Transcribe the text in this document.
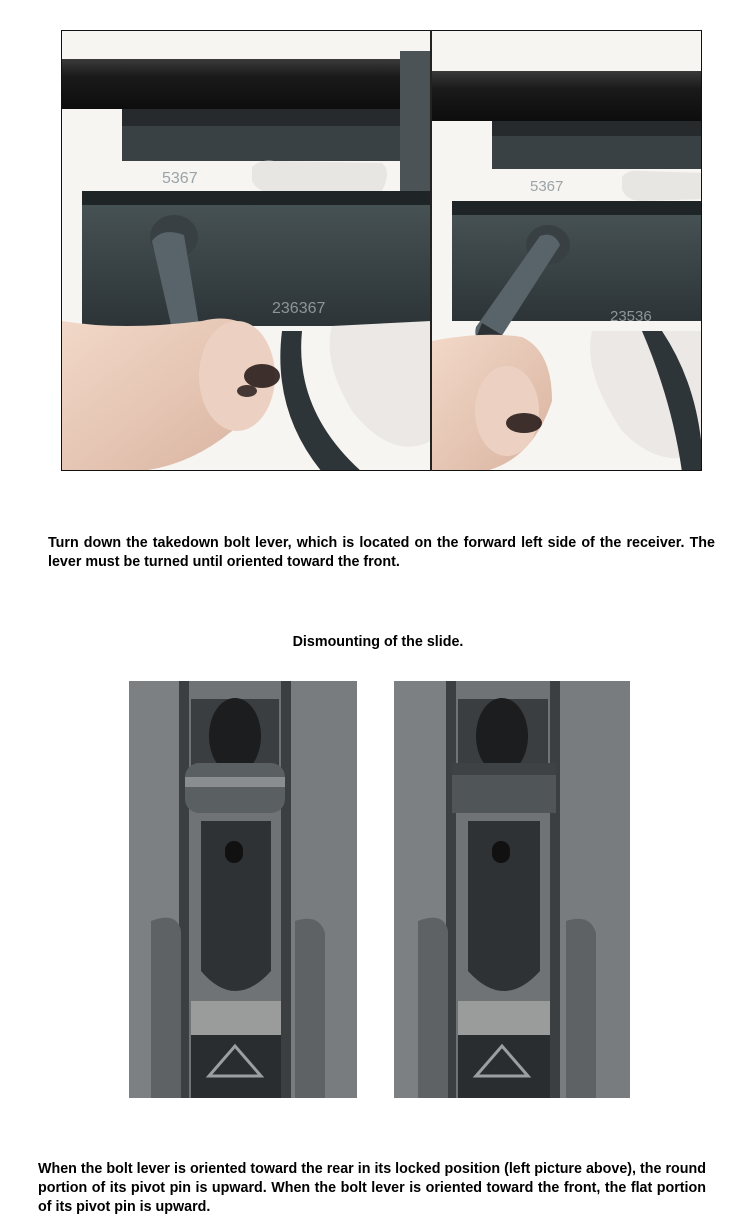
5367
236367
5367
23536

Turn down the takedown bolt lever, which is located on the forward left side of the receiver. The lever must be turned until oriented toward the front.

Dismounting of the slide.

When the bolt lever is oriented toward the rear in its locked position (left picture above), the round portion of its pivot pin is upward. When the bolt lever is oriented toward the front, the flat portion of its pivot pin is upward.
